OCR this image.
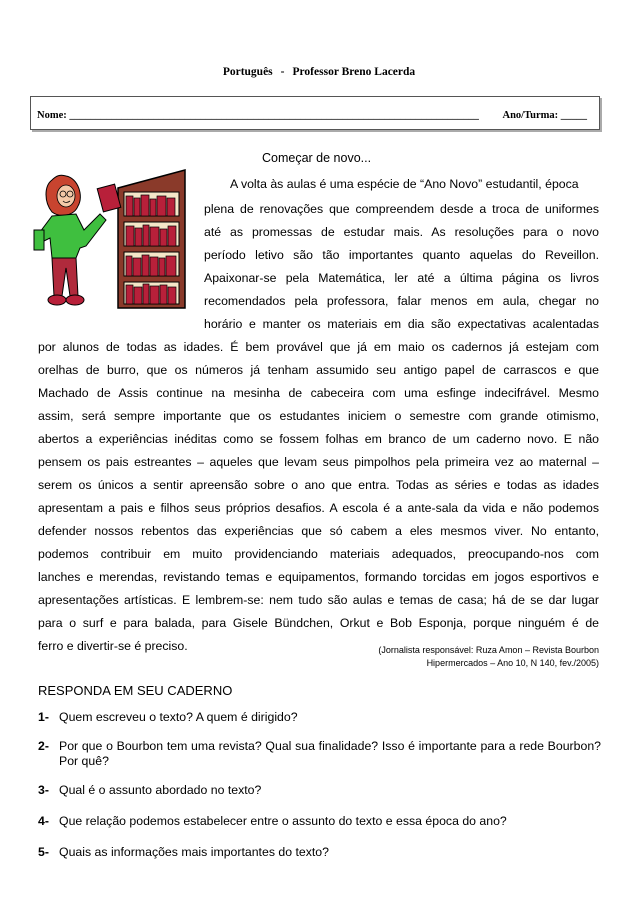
Português - Professor Breno Lacerda
Nome: ______________________________________________________________________________ Ano/Turma: _____
Começar de novo...
A volta às aulas é uma espécie de “Ano Novo” estudantil, época
plena de renovações que compreendem desde a troca de uniformes
até as promessas de estudar mais. As resoluções para o novo
período letivo são tão importantes quanto aquelas do Reveillon.
Apaixonar-se pela Matemática, ler até a última página os livros
recomendados pela professora, falar menos em aula, chegar no
horário e manter os materiais em dia são expectativas acalentadas
por alunos de todas as idades. É bem provável que já em maio os cadernos já estejam com
orelhas de burro, que os números já tenham assumido seu antigo papel de carrascos e que
Machado de Assis continue na mesinha de cabeceira com uma esfinge indecifrável. Mesmo
assim, será sempre importante que os estudantes iniciem o semestre com grande otimismo,
abertos a experiências inéditas como se fossem folhas em branco de um caderno novo. E não
pensem os pais estreantes – aqueles que levam seus pimpolhos pela primeira vez ao maternal –
serem os únicos a sentir apreensão sobre o ano que entra. Todas as séries e todas as idades
apresentam a pais e filhos seus próprios desafios. A escola é a ante-sala da vida e não podemos
defender nossos rebentos das experiências que só cabem a eles mesmos viver. No entanto,
podemos contribuir em muito providenciando materiais adequados, preocupando-nos com
lanches e merendas, revistando temas e equipamentos, formando torcidas em jogos esportivos e
apresentações artísticas. E lembrem-se: nem tudo são aulas e temas de casa; há de se dar lugar
para o surf e para balada, para Gisele Bündchen, Orkut e Bob Esponja, porque ninguém é de
ferro e divertir-se é preciso.	(Jornalista responsável: Ruza Amon – Revista Bourbon
Hipermercados – Ano 10, N 140, fev./2005)
RESPONDA EM SEU CADERNO
1- Quem escreveu o texto? A quem é dirigido?
2- Por que o Bourbon tem uma revista? Qual sua finalidade? Isso é importante para a rede Bourbon? Por quê?
3- Qual é o assunto abordado no texto?
4- Que relação podemos estabelecer entre o assunto do texto e essa época do ano?
5- Quais as informações mais importantes do texto?
